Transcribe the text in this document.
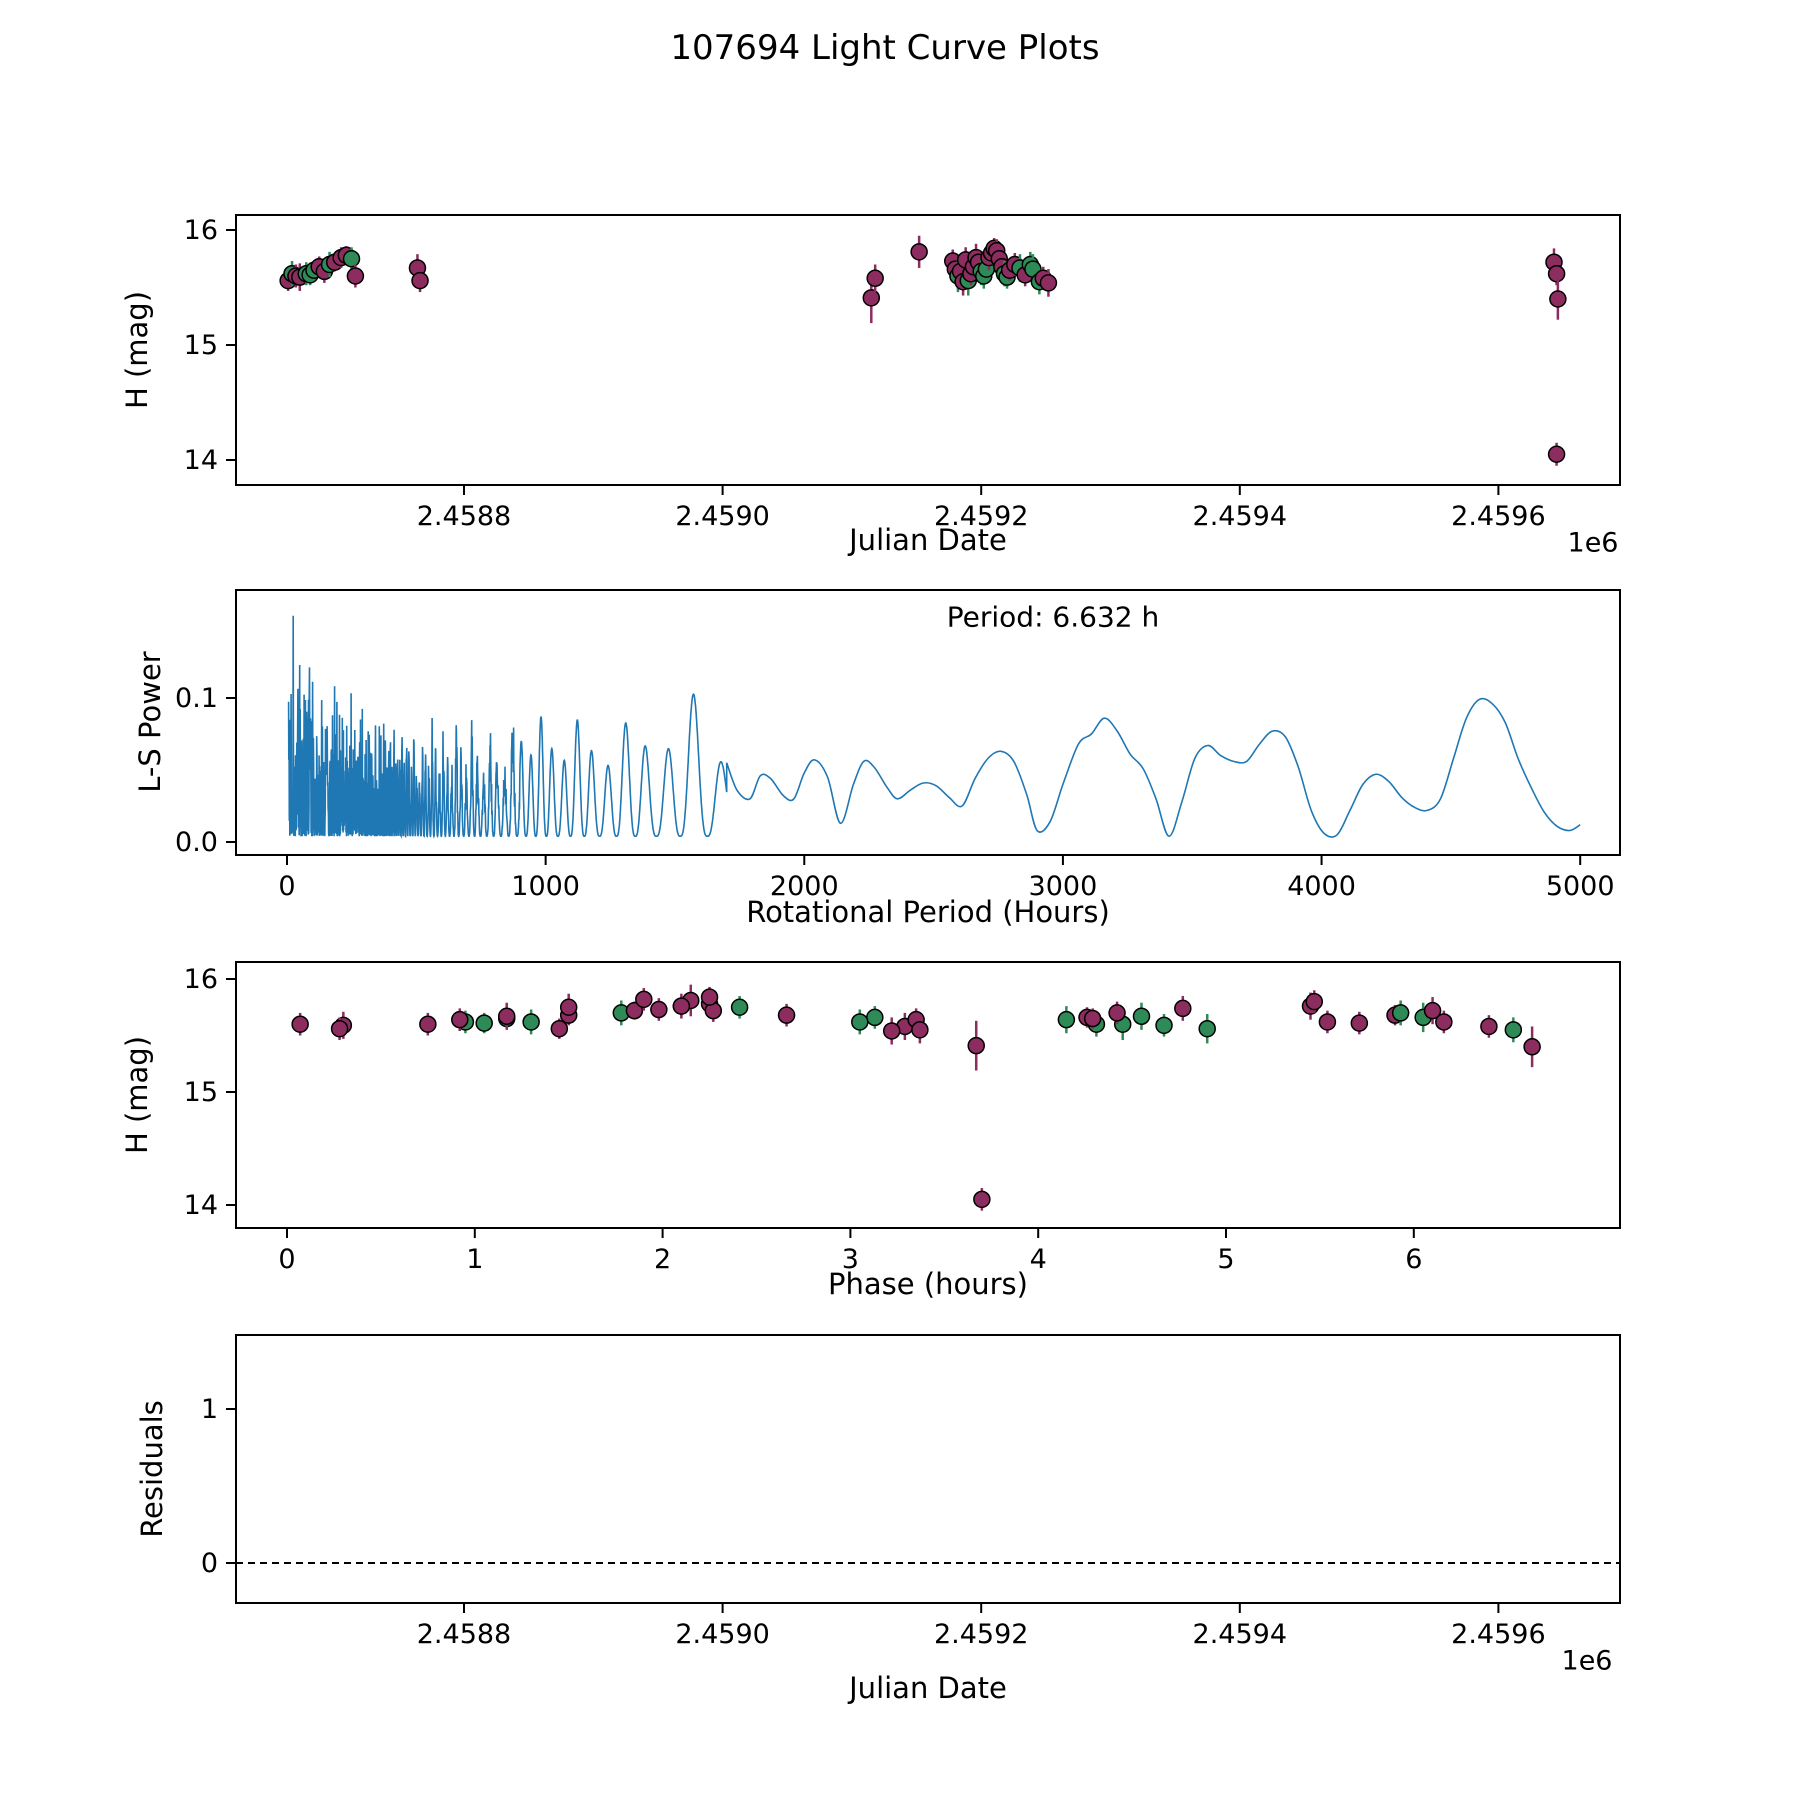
2.4588	2.4590	2.4592	2.4594	2.4596
16
15
14
0	1000	2000	3000	4000	5000
0.0
0.1
0	1	2	3	4	5	6
16
15
14
2.4588	2.4590	2.4592	2.4594	2.4596
0
1
107694 Light Curve Plots
H (mag)
Julian Date	1e6
L-S Power
Rotational Period (Hours)
Period: 6.632 h
H (mag)
Phase (hours)
Residuals
Julian Date
1e6
